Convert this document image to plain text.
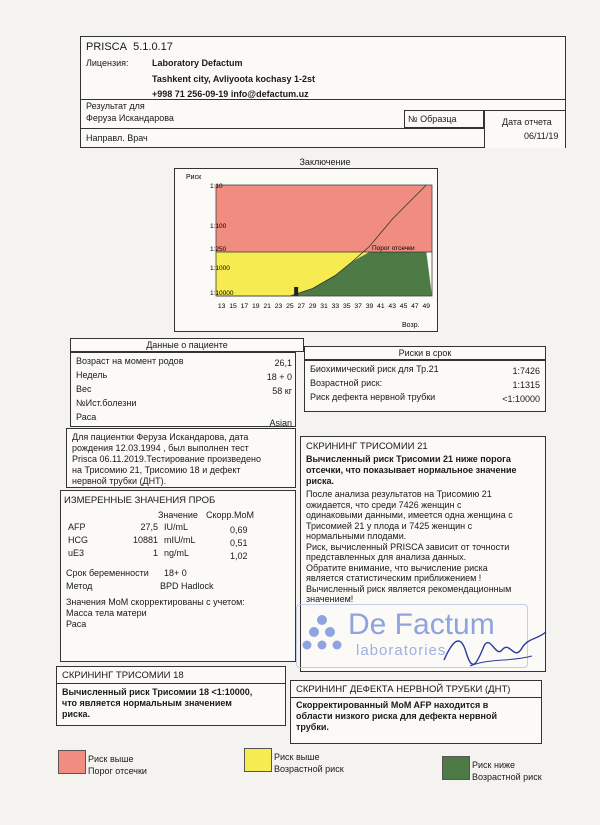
PRISCA 5.1.0.17
Лицензия:	Laboratory Defactum
Tashkent city, Avliyoota kochasy 1-2st
+998 71 256-09-19 info@defactum.uz
Результат для
Феруза Искандарова	№ Образца	Дата отчета
06/11/19
Направл. Врач
Заключение
Риск
Порог отсечки
1:10
1:100
1:250
1:1000
1:10000
13 15 17 19 21 23 25 27 29 31 33 35 37 39 41 43 45 47 49
Возр.
Данные о пациенте
Возраст на момент родов	26,1
Недель	18 + 0
Вес	58 кг
№Ист.болезни
Раса
Asian
Риски в срок
Биохимический риск для Тр.21	1:7426
Возрастной риск:	1:1315
Риск дефекта нервной трубки	<1:10000
Для пациентки Феруза Искандарова, дата
рождения 12.03.1994 , был выполнен тест
Prisca 06.11.2019.Тестирование произведено
на Трисомию 21, Трисомию 18 и дефект
нервной трубки (ДНТ).
ИЗМЕРЕННЫЕ ЗНАЧЕНИЯ ПРОБ
Значение Скорр.MoM
AFP	27,5 IU/mL	0,69
HCG	10881 mIU/mL	0,51
uE3	1 ng/mL	1,02
Срок беременности 18+ 0
Метод	BPD Hadlock
Значения MoM скорректированы с учетом:
Масса тела матери
Раса
СКРИНИНГ ТРИСОМИИ 21
Вычисленный риск Трисомии 21 ниже порога
отсечки, что показывает нормальное значение
риска.
После анализа результатов на Трисомию 21
ожидается, что среди 7426 женщин с
одинаковыми данными, имеется одна женщина с
Трисомией 21 у плода и 7425 женщин с
нормальными плодами.
Риск, вычисленный PRISCA зависит от точности
представленных для анализа данных.
Обратите внимание, что вычисление риска
является статистическим приближением !
Вычисленный риск является рекомендационным
значением!
De Factum
laboratories
СКРИНИНГ ТРИСОМИИ 18
Вычисленный риск Трисомии 18 <1:10000,
что является нормальным значением
риска.
СКРИНИНГ ДЕФЕКТА НЕРВНОЙ ТРУБКИ (ДНТ)
Скорректированный MoM AFP находится в
области низкого риска для дефекта нервной
трубки.
Риск выше
Порог отсечки
Риск выше
Возрастной риск	Риск ниже
Возрастной риск
